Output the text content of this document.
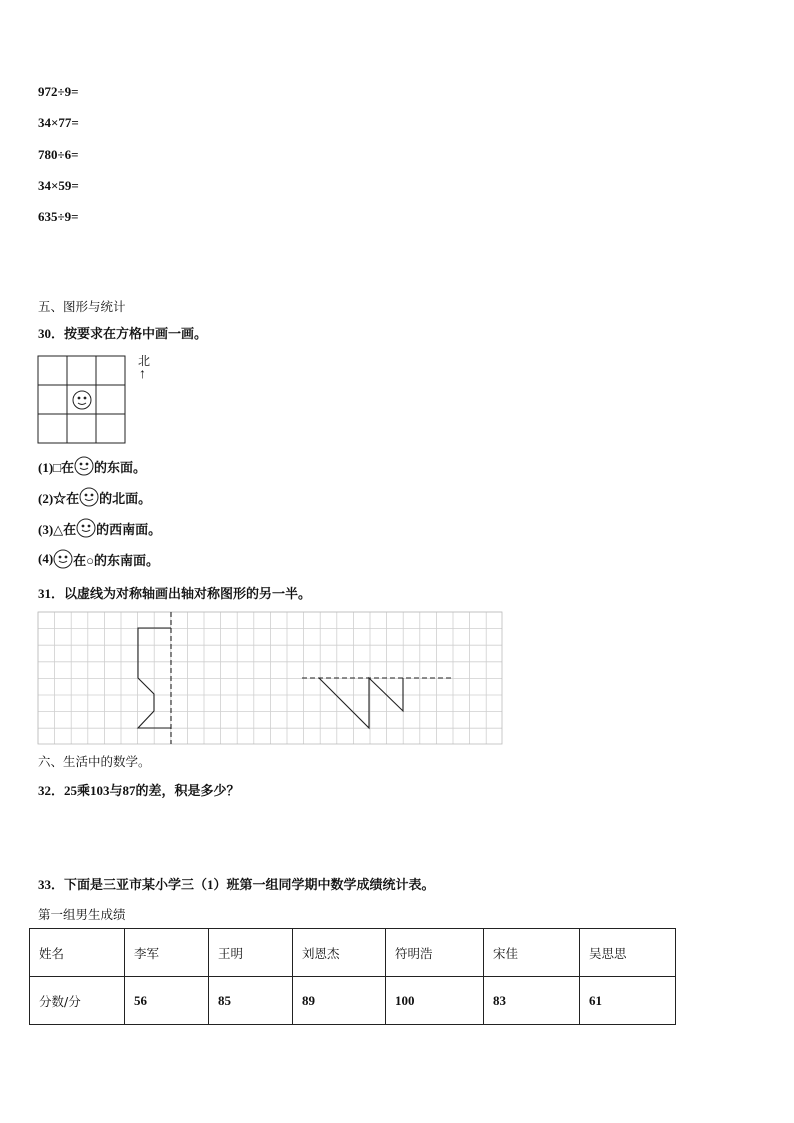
972÷9=
34×77=
780÷6=
34×59=
635÷9=
五、图形与统计
30．按要求在方格中画一画。
北
↑
(1)□在 的东面。
(2)☆在 的北面。
(3)△在 的西南面。
(4) 在○的东南面。
31．以虚线为对称轴画出轴对称图形的另一半。
六、生活中的数学。
32．25乘103与87的差，积是多少？
33．下面是三亚市某小学三（1）班第一组同学期中数学成绩统计表。
第一组男生成绩
姓名	李军	王明	刘恩杰	符明浩	宋佳	吴思思
分数/分	56	85	89	100	83	61
